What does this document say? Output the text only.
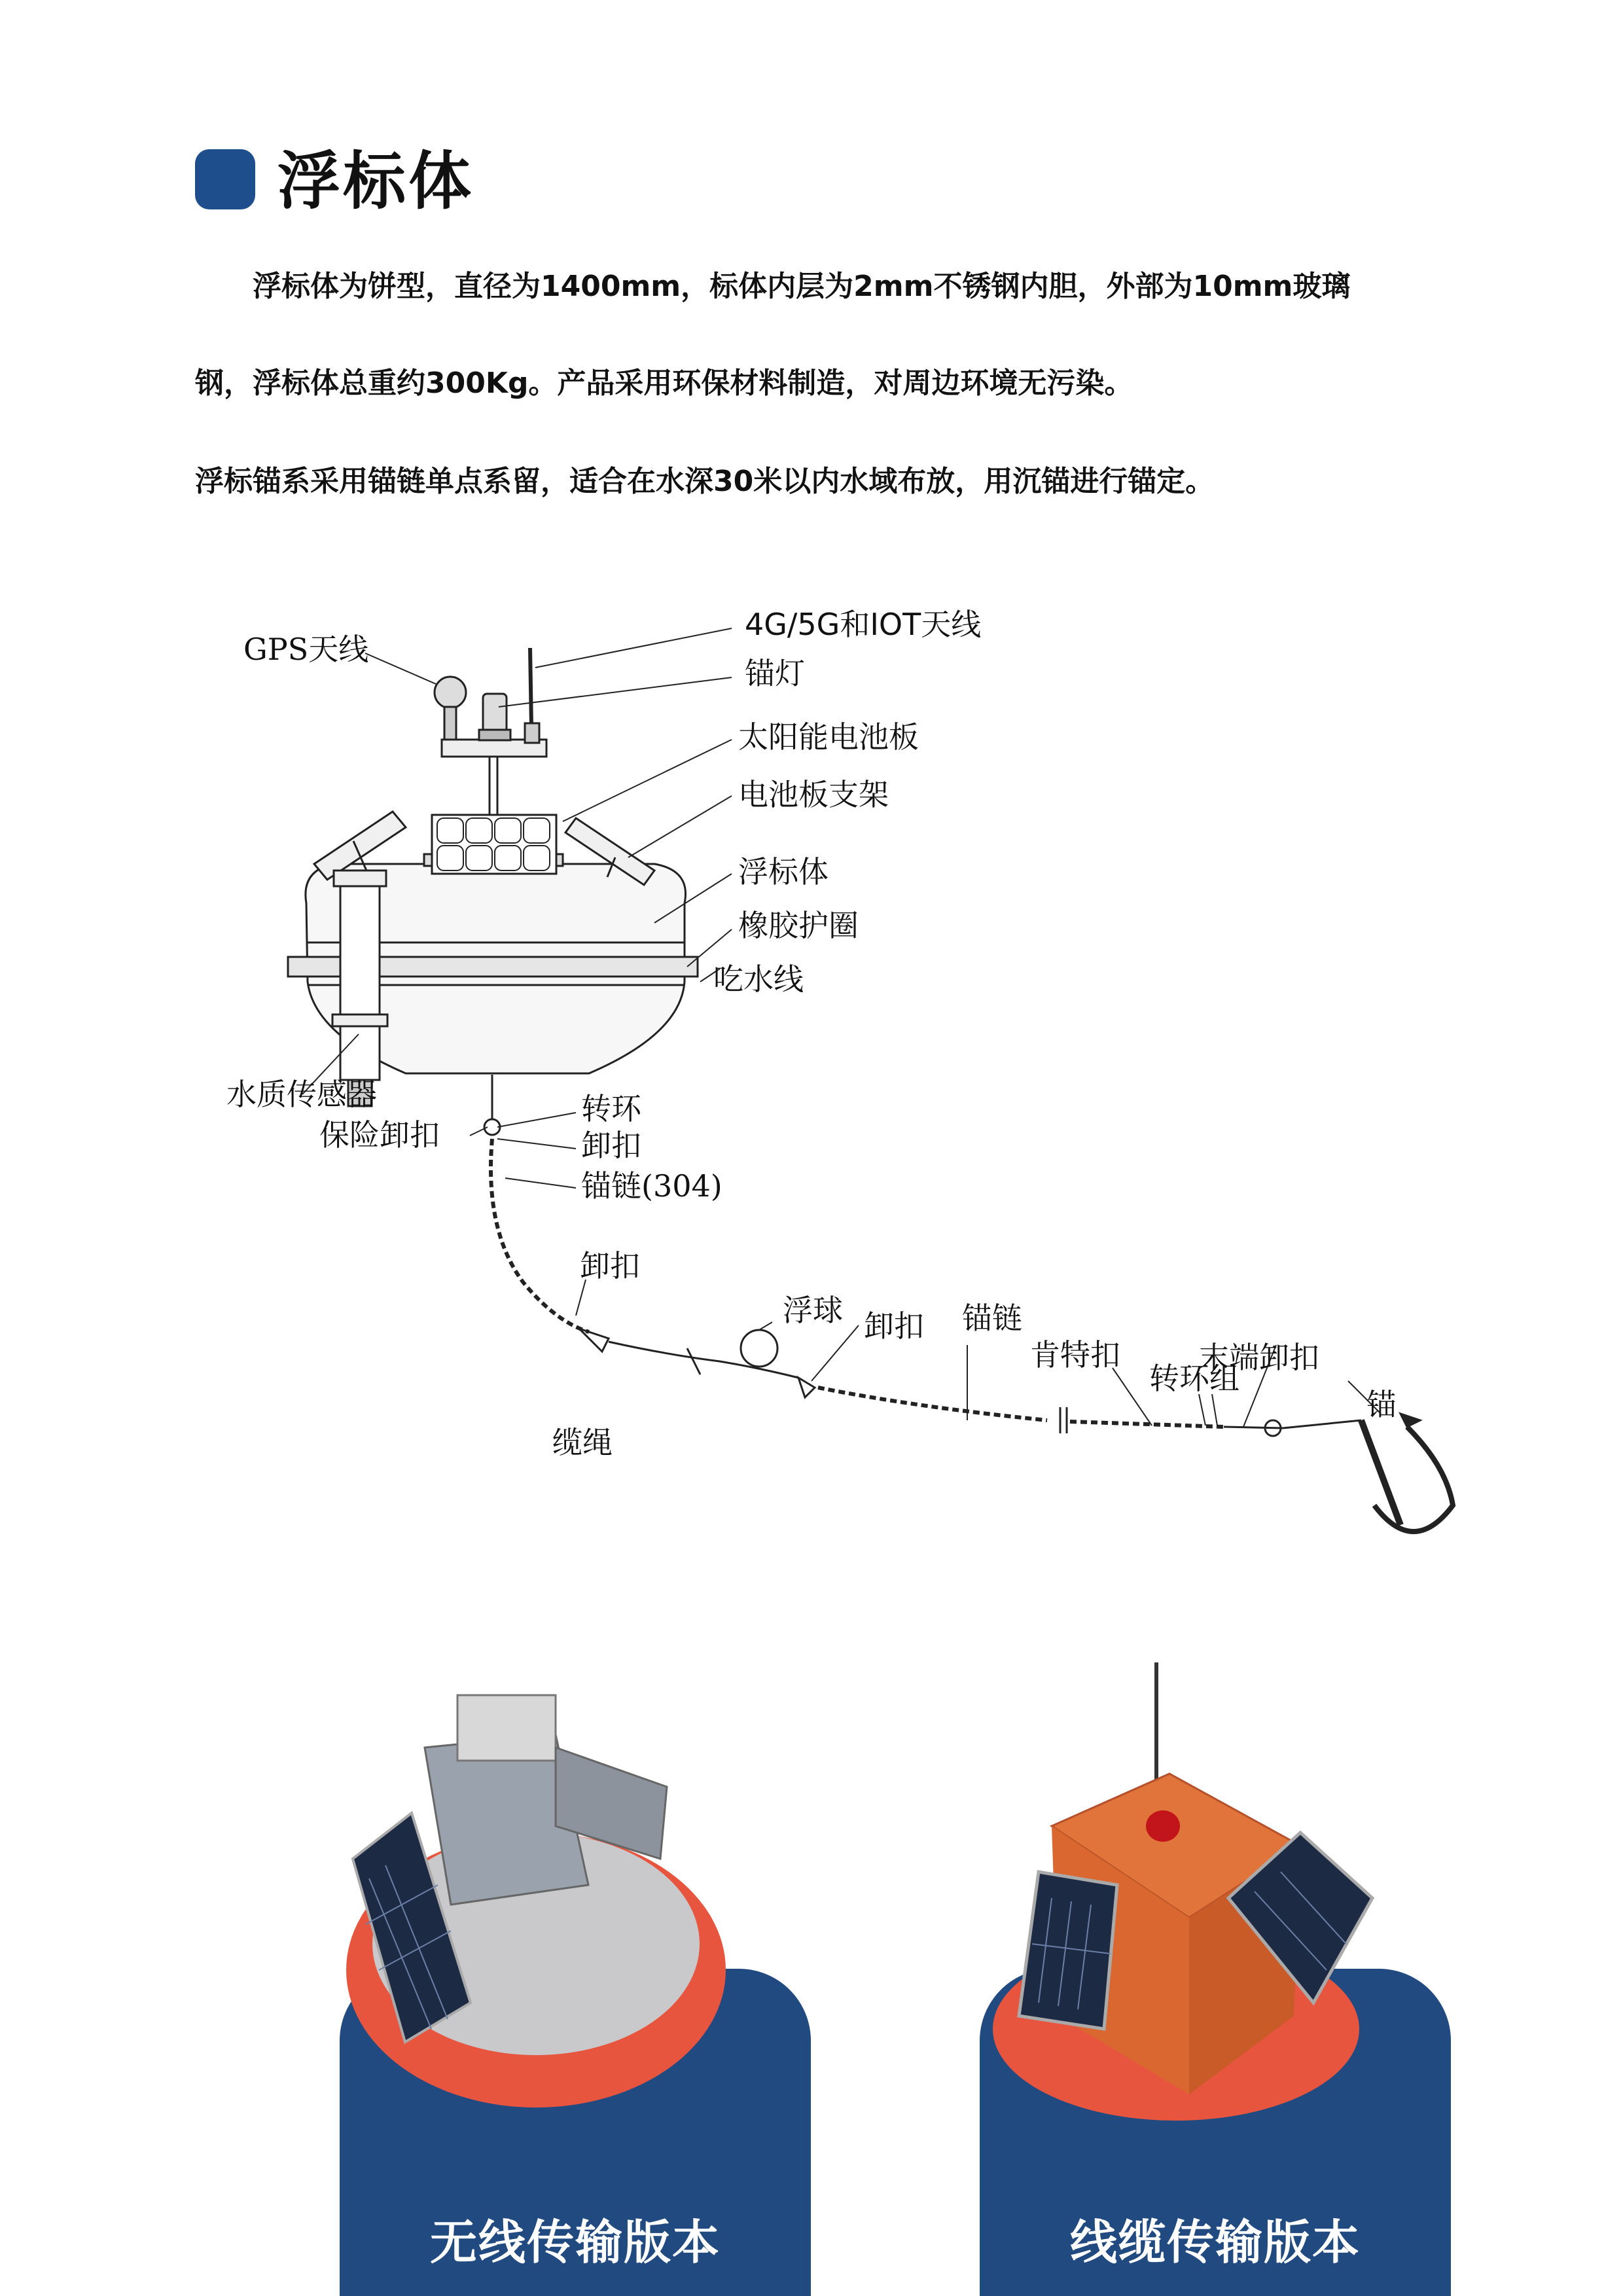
浮标体

浮标体为饼型，直径为1400mm，标体内层为2mm不锈钢内胆，外部为10mm玻璃

钢，浮标体总重约300Kg。产品采用环保材料制造，对周边环境无污染。

浮标锚系采用锚链单点系留，适合在水深30米以内水域布放，用沉锚进行锚定。

GPS天线
4G/5G和IOT天线
锚灯
太阳能电池板
电池板支架
浮标体
橡胶护圈
吃水线
水质传感器
保险卸扣
转环
卸扣
锚链(304)
卸扣
浮球
缆绳
卸扣 锚链
肯特扣
转环组
末端卸扣
锚
无线传输版本	线缆传输版本
